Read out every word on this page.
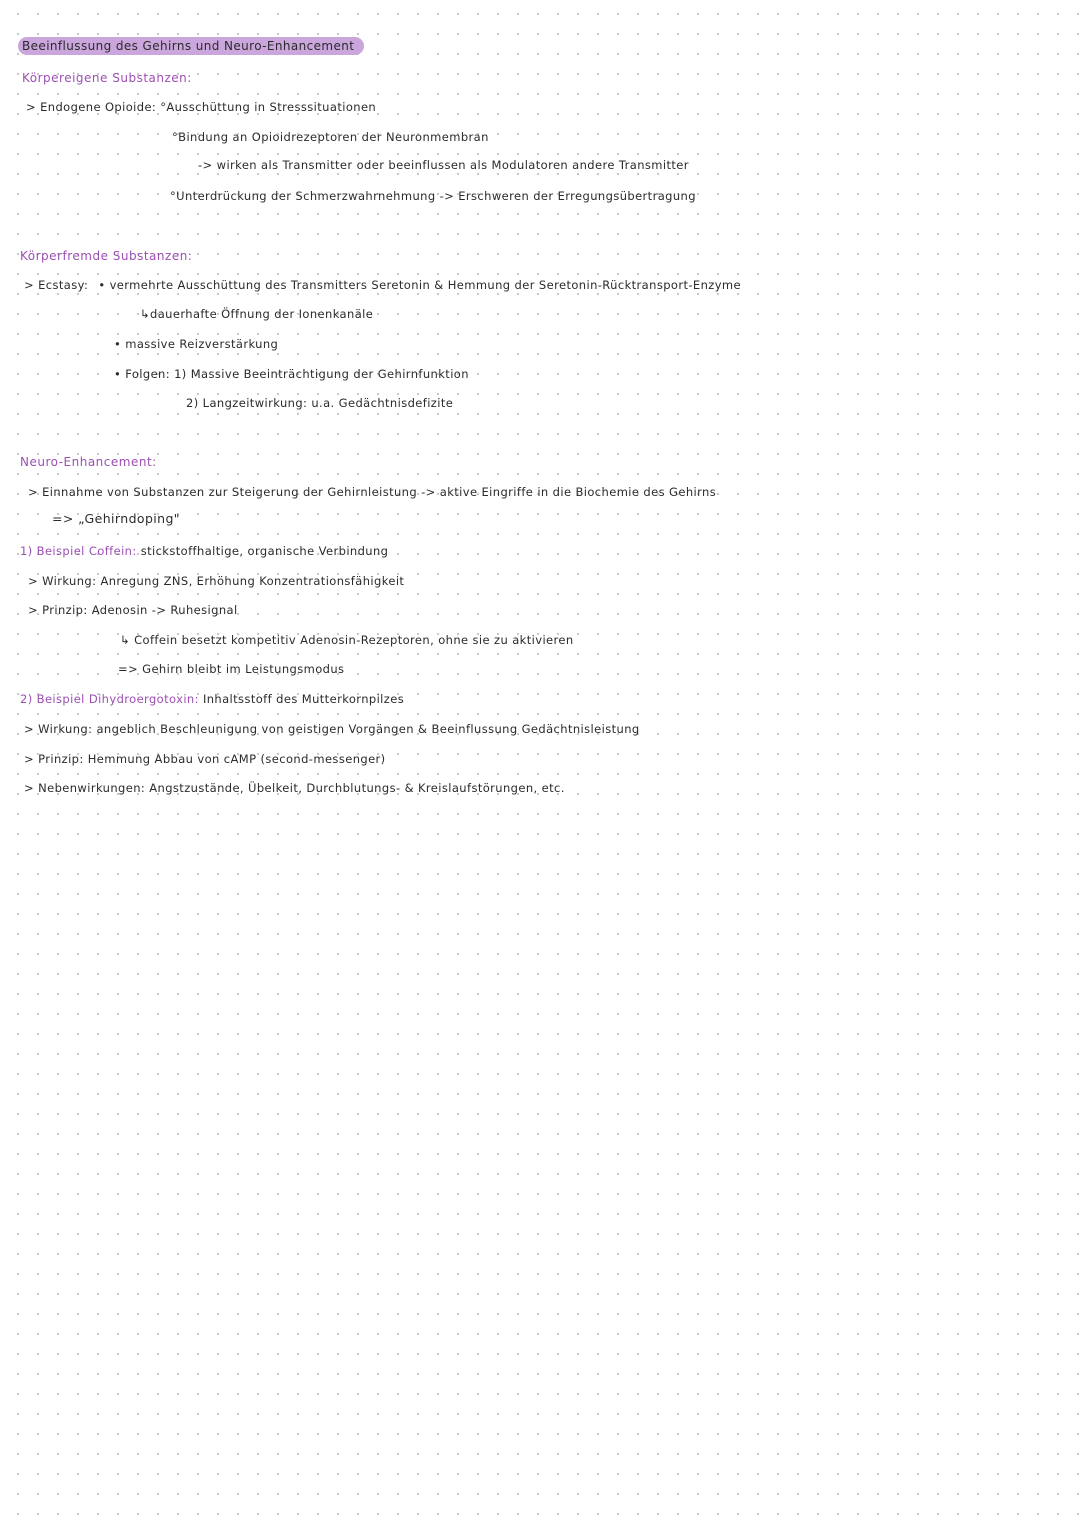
Beeinflussung des Gehirns und Neuro-Enhancement
Körpereigene Substanzen:
> Endogene Opioide: °Ausschüttung in Stresssituationen
°Bindung an Opioidrezeptoren der Neuronmembran
-> wirken als Transmitter oder beeinflussen als Modulatoren andere Transmitter
°Unterdrückung der Schmerzwahrnehmung -> Erschweren der Erregungsübertragung
Körperfremde Substanzen:
> Ecstasy: • vermehrte Ausschüttung des Transmitters Seretonin & Hemmung der Seretonin-Rücktransport-Enzyme
↳dauerhafte Öffnung der Ionenkanäle
• massive Reizverstärkung
• Folgen: 1) Massive Beeinträchtigung der Gehirnfunktion
2) Langzeitwirkung: u.a. Gedächtnisdefizite
Neuro-Enhancement:
> Einnahme von Substanzen zur Steigerung der Gehirnleistung -> aktive Eingriffe in die Biochemie des Gehirns
=> „Gehirndoping"
1) Beispiel Coffein: stickstoffhaltige, organische Verbindung
> Wirkung: Anregung ZNS, Erhöhung Konzentrationsfähigkeit
> Prinzip: Adenosin -> Ruhesignal
↳ Coffein besetzt kompetitiv Adenosin-Rezeptoren, ohne sie zu aktivieren
=> Gehirn bleibt im Leistungsmodus
2) Beispiel Dihydroergotoxin: Inhaltsstoff des Mutterkornpilzes
> Wirkung: angeblich Beschleunigung von geistigen Vorgängen & Beeinflussung Gedächtnisleistung
> Prinzip: Hemmung Abbau von cAMP (second-messenger)
> Nebenwirkungen: Angstzustände, Übelkeit, Durchblutungs- & Kreislaufstörungen, etc.
